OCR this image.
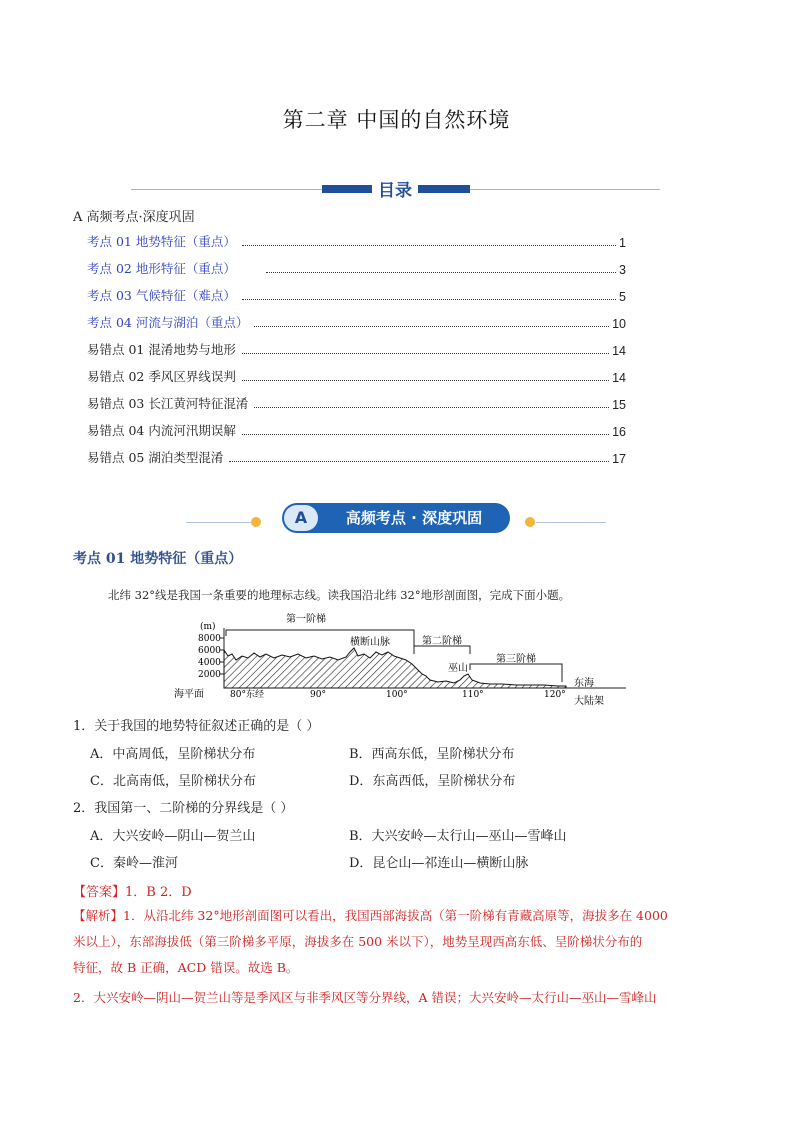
第二章 中国的自然环境
目录
A 高频考点·深度巩固
考点 01 地势特征（重点）	1
考点 02 地形特征（重点）	3
考点 03 气候特征（难点）	5
考点 04 河流与湖泊（重点）	10
易错点 01 混淆地势与地形	14
易错点 02 季风区界线误判	14
易错点 03 长江黄河特征混淆	15
易错点 04 内流河汛期误解	16
易错点 05 湖泊类型混淆	17
A	高频考点 · 深度巩固
考点 01 地势特征（重点）
北纬 32°线是我国一条重要的地理标志线。读我国沿北纬 32°地形剖面图，完成下面小题。
(m)
8000
6000
4000
2000
海平面
第一阶梯
横断山脉	第二阶梯
巫山
第三阶梯
东海
大陆架
80°东经	90°	100°	110°	120°
1．关于我国的地势特征叙述正确的是（ ）
A．中高周低，呈阶梯状分布	B．西高东低，呈阶梯状分布
C．北高南低，呈阶梯状分布	D．东高西低，呈阶梯状分布
2．我国第一、二阶梯的分界线是（ ）
A．大兴安岭—阴山—贺兰山	B．大兴安岭—太行山—巫山—雪峰山
C．秦岭—淮河	D．昆仑山—祁连山—横断山脉
【答案】1．B 2．D
【解析】1．从沿北纬 32°地形剖面图可以看出，我国西部海拔高（第一阶梯有青藏高原等，海拔多在 4000
米以上），东部海拔低（第三阶梯多平原，海拔多在 500 米以下），地势呈现西高东低、呈阶梯状分布的
特征，故 B 正确，ACD 错误。故选 B。
2．大兴安岭—阴山—贺兰山等是季风区与非季风区等分界线，A 错误；大兴安岭—太行山—巫山—雪峰山
